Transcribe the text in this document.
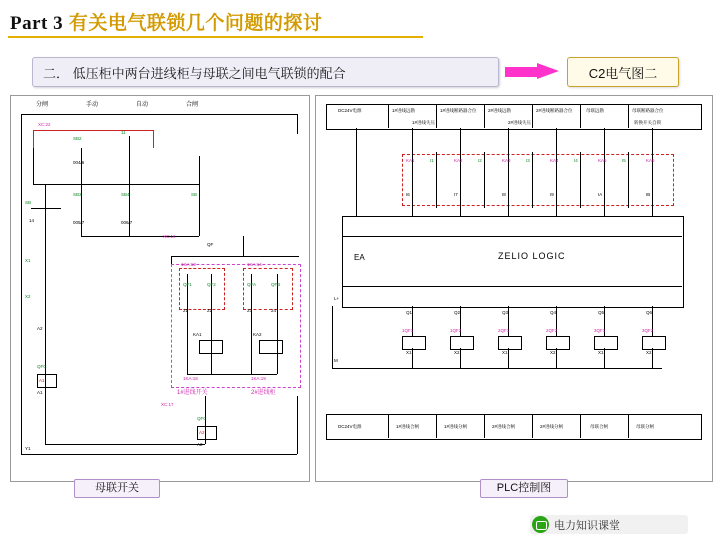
Part 3 有关电气联锁几个问题的探讨
二． 低压柜中两台进线柜与母联之间电气联锁的配合	C2电气图二
分闸	手动	自动	合闸
XC:22
SB2
11
004/6
SB
14
SB3	SB4	SB
005/7	006/7
XC:16
QF
1KA:13	1KA:14
QF1	QF2	QFA	QFB
21	22	23	24
KA1	KA2
1KA:18	1KA:19
1#进线开关	2#进线柜
XC:17
A1
A2
QFC
QFC
A1
A2
A2
X2
X1
Y1
DC24V电源	1#进线远勘	1#进线断路器合位	2#进线远勘	2#进线断路器合位	母联远勘	母联断路器合位
1#进线失压	2#进线失压	转换开关自锁
KA1	KA2	KA3	KA4	KA5	KA6
I1	I2	I3	I4	I5
I6	I7	I8	I9	IA	IB
EA	ZELIO LOGIC
Q1	Q2	Q3	Q4	Q5	Q6
1QF1	1QF2	2QF1	2QF2	3QF1	3QF2
X1	X2	X1	X2	X1	X2
L+
M
DC24V电源	1#进线合闸	1#进线分闸	2#进线合闸	2#进线分闸	母联合闸	母联分闸
母联开关	PLC控制图
电力知识课堂
